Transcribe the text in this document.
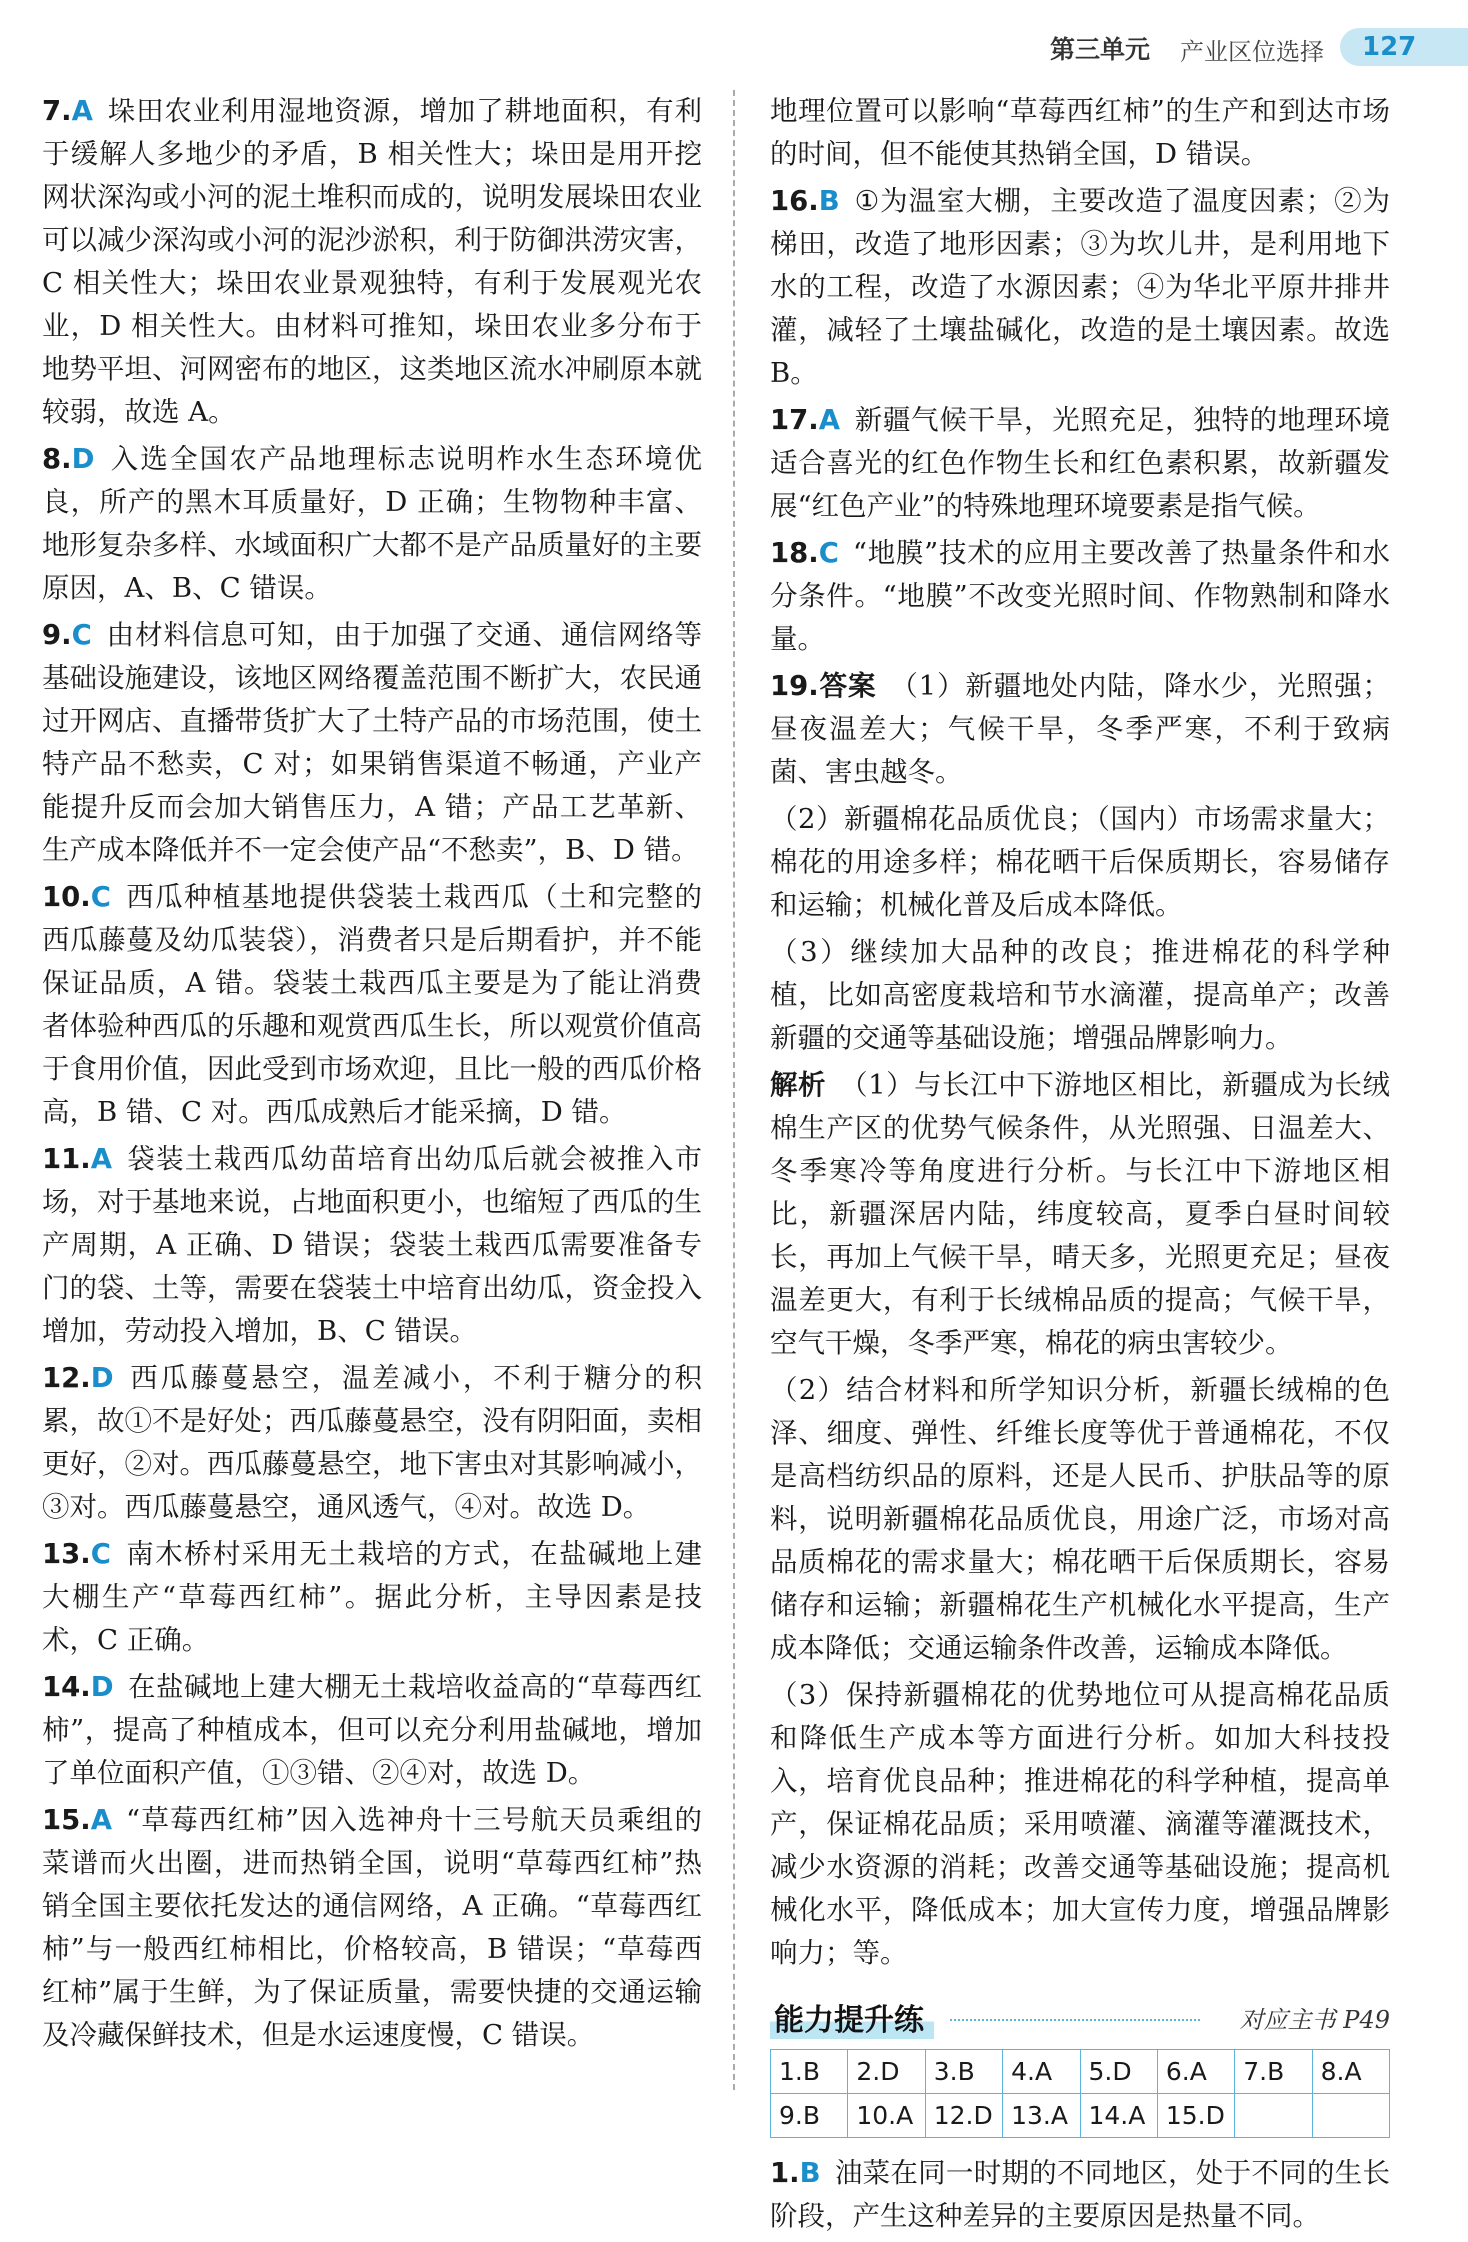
第三单元 产业区位选择	127
7.A 垛田农业利用湿地资源，增加了耕地面积，有利于缓解人多地少的矛盾，B 相关性大；垛田是用开挖网状深沟或小河的泥土堆积而成的，说明发展垛田农业可以减少深沟或小河的泥沙淤积，利于防御洪涝灾害，C 相关性大；垛田农业景观独特，有利于发展观光农业，D 相关性大。由材料可推知，垛田农业多分布于地势平坦、河网密布的地区，这类地区流水冲刷原本就较弱，故选 A。
8.D 入选全国农产品地理标志说明柞水生态环境优良，所产的黑木耳质量好，D 正确；生物物种丰富、地形复杂多样、水域面积广大都不是产品质量好的主要原因，A、B、C 错误。
9.C 由材料信息可知，由于加强了交通、通信网络等基础设施建设，该地区网络覆盖范围不断扩大，农民通过开网店、直播带货扩大了土特产品的市场范围，使土特产品不愁卖，C 对；如果销售渠道不畅通，产业产能提升反而会加大销售压力，A 错；产品工艺革新、生产成本降低并不一定会使产品“不愁卖”，B、D 错。
10.C 西瓜种植基地提供袋装土栽西瓜（土和完整的西瓜藤蔓及幼瓜装袋），消费者只是后期看护，并不能保证品质，A 错。袋装土栽西瓜主要是为了能让消费者体验种西瓜的乐趣和观赏西瓜生长，所以观赏价值高于食用价值，因此受到市场欢迎，且比一般的西瓜价格高，B 错、C 对。西瓜成熟后才能采摘，D 错。
11.A 袋装土栽西瓜幼苗培育出幼瓜后就会被推入市场，对于基地来说，占地面积更小，也缩短了西瓜的生产周期，A 正确、D 错误；袋装土栽西瓜需要准备专门的袋、土等，需要在袋装土中培育出幼瓜，资金投入增加，劳动投入增加，B、C 错误。
12.D 西瓜藤蔓悬空，温差减小，不利于糖分的积累，故①不是好处；西瓜藤蔓悬空，没有阴阳面，卖相更好，②对。西瓜藤蔓悬空，地下害虫对其影响减小，③对。西瓜藤蔓悬空，通风透气，④对。故选 D。
13.C 南木桥村采用无土栽培的方式，在盐碱地上建大棚生产“草莓西红柿”。据此分析，主导因素是技术，C 正确。
14.D 在盐碱地上建大棚无土栽培收益高的“草莓西红柿”，提高了种植成本，但可以充分利用盐碱地，增加了单位面积产值，①③错、②④对，故选 D。
15.A “草莓西红柿”因入选神舟十三号航天员乘组的菜谱而火出圈，进而热销全国，说明“草莓西红柿”热销全国主要依托发达的通信网络，A 正确。“草莓西红柿”与一般西红柿相比，价格较高，B 错误；“草莓西红柿”属于生鲜，为了保证质量，需要快捷的交通运输及冷藏保鲜技术，但是水运速度慢，C 错误。
地理位置可以影响“草莓西红柿”的生产和到达市场的时间，但不能使其热销全国，D 错误。
16.B ①为温室大棚，主要改造了温度因素；②为梯田，改造了地形因素；③为坎儿井，是利用地下水的工程，改造了水源因素；④为华北平原井排井灌，减轻了土壤盐碱化，改造的是土壤因素。故选 B。
17.A 新疆气候干旱，光照充足，独特的地理环境适合喜光的红色作物生长和红色素积累，故新疆发展“红色产业”的特殊地理环境要素是指气候。
18.C “地膜”技术的应用主要改善了热量条件和水分条件。“地膜”不改变光照时间、作物熟制和降水量。
19.答案 （1）新疆地处内陆，降水少，光照强；昼夜温差大；气候干旱，冬季严寒，不利于致病菌、害虫越冬。
（2）新疆棉花品质优良；（国内）市场需求量大；棉花的用途多样；棉花晒干后保质期长，容易储存和运输；机械化普及后成本降低。
（3）继续加大品种的改良；推进棉花的科学种植，比如高密度栽培和节水滴灌，提高单产；改善新疆的交通等基础设施；增强品牌影响力。
解析 （1）与长江中下游地区相比，新疆成为长绒棉生产区的优势气候条件，从光照强、日温差大、冬季寒冷等角度进行分析。与长江中下游地区相比，新疆深居内陆，纬度较高，夏季白昼时间较长，再加上气候干旱，晴天多，光照更充足；昼夜温差更大，有利于长绒棉品质的提高；气候干旱，空气干燥，冬季严寒，棉花的病虫害较少。
（2）结合材料和所学知识分析，新疆长绒棉的色泽、细度、弹性、纤维长度等优于普通棉花，不仅是高档纺织品的原料，还是人民币、护肤品等的原料，说明新疆棉花品质优良，用途广泛，市场对高品质棉花的需求量大；棉花晒干后保质期长，容易储存和运输；新疆棉花生产机械化水平提高，生产成本降低；交通运输条件改善，运输成本降低。
（3）保持新疆棉花的优势地位可从提高棉花品质和降低生产成本等方面进行分析。如加大科技投入，培育优良品种；推进棉花的科学种植，提高单产，保证棉花品质；采用喷灌、滴灌等灌溉技术，减少水资源的消耗；改善交通等基础设施；提高机械化水平，降低成本；加大宣传力度，增强品牌影响力；等。
能力提升练	对应主书 P49
1.B	2.D	3.B	4.A	5.D	6.A	7.B	8.A
9.B	10.A	12.D	13.A	14.A	15.D		
1.B 油菜在同一时期的不同地区，处于不同的生长阶段，产生这种差异的主要原因是热量不同。
